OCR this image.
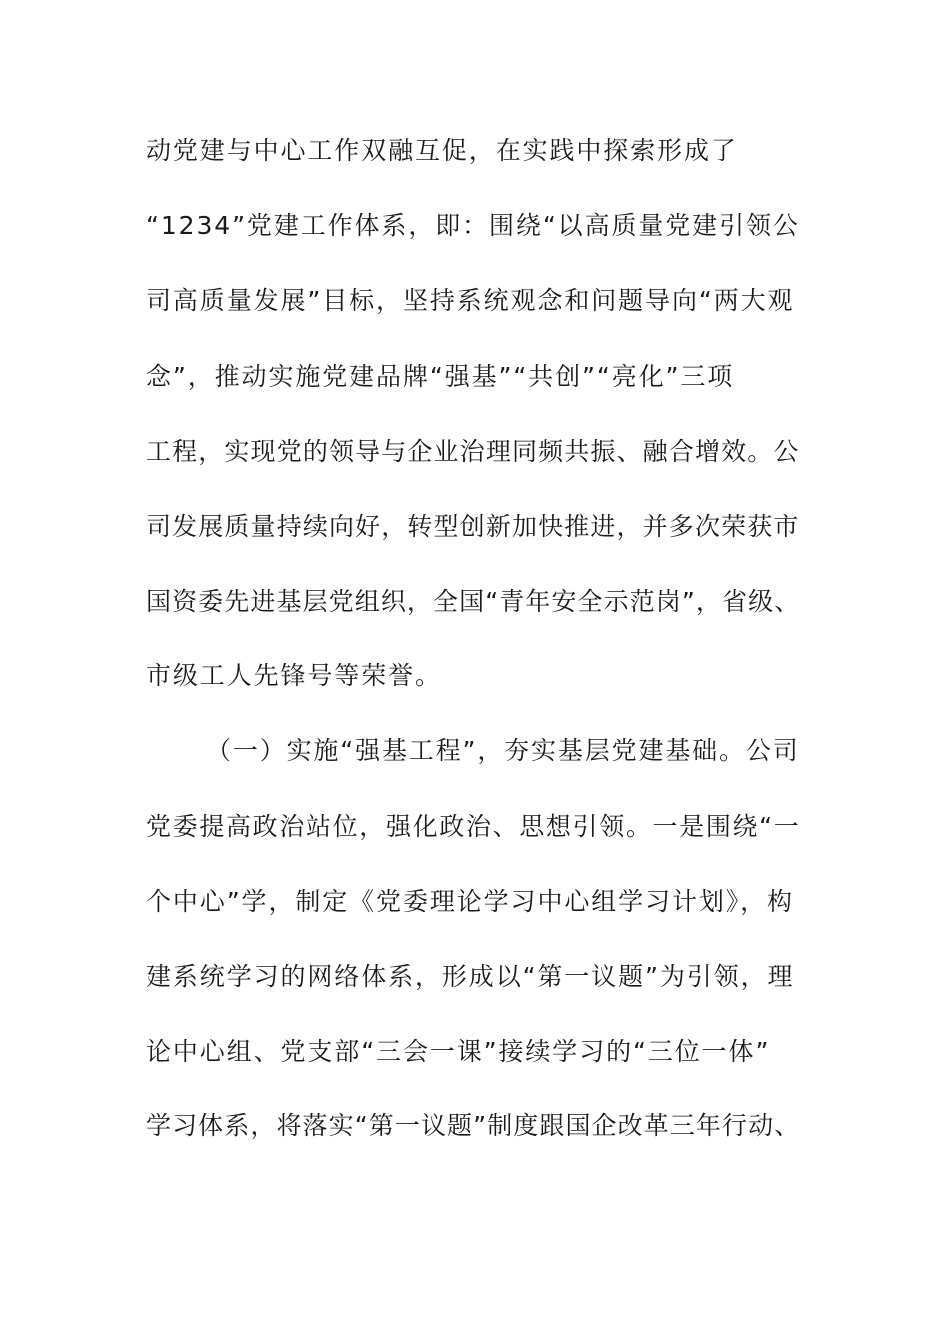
动党建与中心工作双融互促，在实践中探索形成了

“1234”党建工作体系，即：围绕“以高质量党建引领公

司高质量发展”目标，坚持系统观念和问题导向“两大观

念”，推动实施党建品牌“强基”“共创”“亮化”三项

工程，实现党的领导与企业治理同频共振、融合增效。公

司发展质量持续向好，转型创新加快推进，并多次荣获市

国资委先进基层党组织，全国“青年安全示范岗”，省级、

市级工人先锋号等荣誉。

（一）实施“强基工程”，夯实基层党建基础。公司

党委提高政治站位，强化政治、思想引领。一是围绕“一

个中心”学，制定《党委理论学习中心组学习计划》，构

建系统学习的网络体系，形成以“第一议题”为引领，理

论中心组、党支部“三会一课”接续学习的“三位一体”

学习体系，将落实“第一议题”制度跟国企改革三年行动、
